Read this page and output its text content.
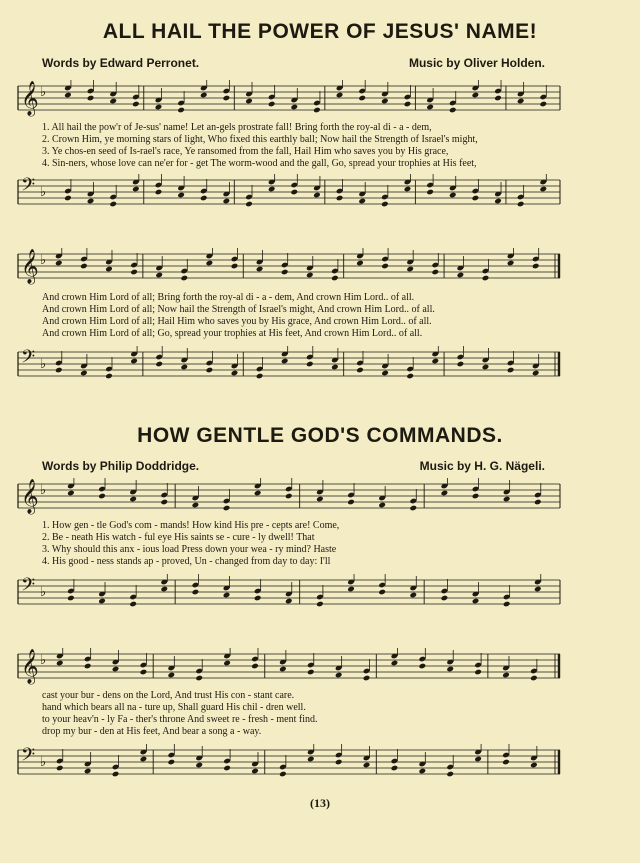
ALL HAIL THE POWER OF JESUS' NAME!
Words by Edward Perronet.	Music by Oliver Holden.
𝄞 ♭
1. All hail the pow'r of Je-sus' name! Let an-gels prostrate fall! Bring forth the roy-al di - a - dem,
2. Crown Him, ye morning stars of light, Who fixed this earthly ball; Now hail the Strength of Israel's might,
3. Ye chos-en seed of Is-rael's race, Ye ransomed from the fall, Hail Him who saves you by His grace,
4. Sin-ners, whose love can ne'er for - get The worm-wood and the gall, Go, spread your trophies at His feet,
𝄢 ♭
𝄞 ♭
And crown Him Lord of all; Bring forth the roy-al di - a - dem, And crown Him Lord.. of all.
And crown Him Lord of all; Now hail the Strength of Israel's might, And crown Him Lord.. of all.
And crown Him Lord of all; Hail Him who saves you by His grace, And crown Him Lord.. of all.
And crown Him Lord of all; Go, spread your trophies at His feet, And crown Him Lord.. of all.
𝄢 ♭
HOW GENTLE GOD'S COMMANDS.
Words by Philip Doddridge.	Music by H. G. Nägeli.
𝄞 ♭
1. How gen - tle God's com - mands! How kind His pre - cepts are! Come,
2. Be - neath His watch - ful eye His saints se - cure - ly dwell! That
3. Why should this anx - ious load Press down your wea - ry mind? Haste
4. His good - ness stands ap - proved, Un - changed from day to day: I'll
𝄢 ♭
𝄞 ♭
cast your bur - dens on the Lord, And trust His con - stant care.
hand which bears all na - ture up, Shall guard His chil - dren well.
to your heav'n - ly Fa - ther's throne And sweet re - fresh - ment find.
drop my bur - den at His feet, And bear a song a - way.
𝄢 ♭
(13)
